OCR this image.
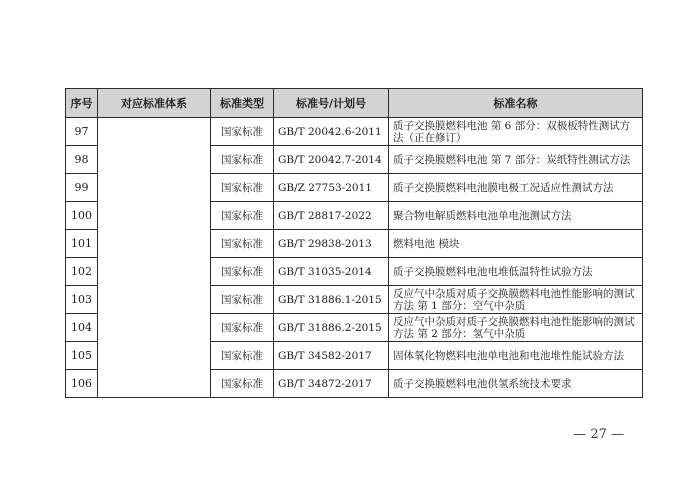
序号	对应标准体系	标准类型	标准号/计划号	标准名称
97		国家标准	GB/T 20042.6-2011	质子交换膜燃料电池 第 6 部分：双极板特性测试方法（正在修订）
98		国家标准	GB/T 20042.7-2014	质子交换膜燃料电池 第 7 部分：炭纸特性测试方法
99		国家标准	GB/Z 27753-2011	质子交换膜燃料电池膜电极工况适应性测试方法
100		国家标准	GB/T 28817-2022	聚合物电解质燃料电池单电池测试方法
101		国家标准	GB/T 29838-2013	燃料电池 模块
102		国家标准	GB/T 31035-2014	质子交换膜燃料电池电堆低温特性试验方法
103		国家标准	GB/T 31886.1-2015	反应气中杂质对质子交换膜燃料电池性能影响的测试方法 第 1 部分：空气中杂质
104		国家标准	GB/T 31886.2-2015	反应气中杂质对质子交换膜燃料电池性能影响的测试方法 第 2 部分：氢气中杂质
105		国家标准	GB/T 34582-2017	固体氧化物燃料电池单电池和电池堆性能试验方法
106		国家标准	GB/T 34872-2017	质子交换膜燃料电池供氢系统技术要求
— 27 —
